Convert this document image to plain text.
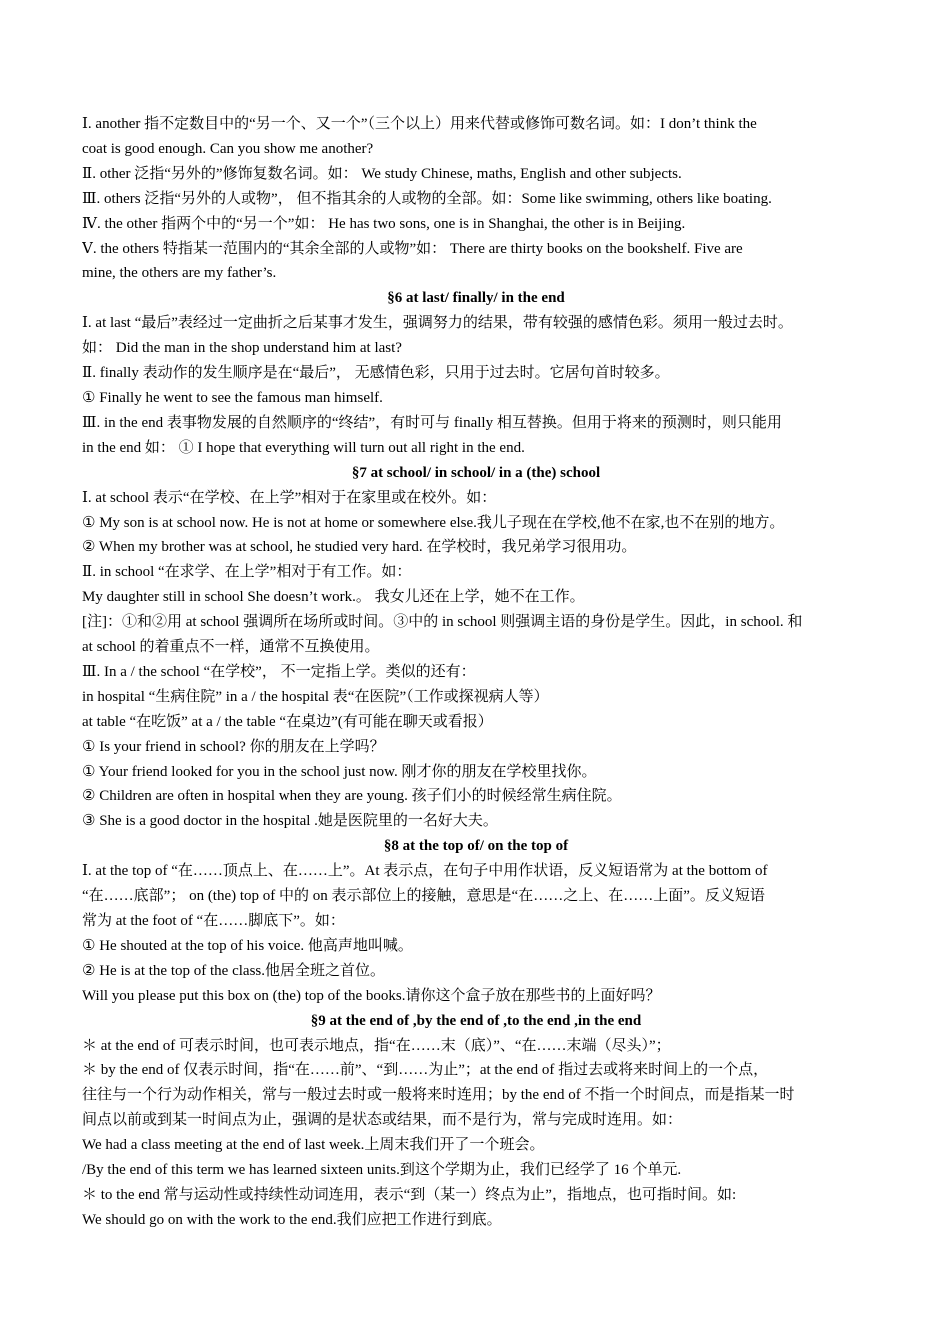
Ⅰ. another 指不定数目中的“另一个、又一个”（三个以上）用来代替或修饰可数名词。如：I don’t think the
coat is good enough. Can you show me another?
Ⅱ. other 泛指“另外的”修饰复数名词。如： We study Chinese, maths, English and other subjects.
Ⅲ. others 泛指“另外的人或物”， 但不指其余的人或物的全部。如：Some like swimming, others like boating.
Ⅳ. the other 指两个中的“另一个”如： He has two sons, one is in Shanghai, the other is in Beijing.
Ⅴ. the others 特指某一范围内的“其余全部的人或物”如： There are thirty books on the bookshelf. Five are
mine, the others are my father’s.
§6 at last/ finally/ in the end
Ⅰ. at last “最后”表经过一定曲折之后某事才发生，强调努力的结果，带有较强的感情色彩。须用一般过去时。
如： Did the man in the shop understand him at last?
Ⅱ. finally 表动作的发生顺序是在“最后”， 无感情色彩，只用于过去时。它居句首时较多。
① Finally he went to see the famous man himself.
Ⅲ. in the end 表事物发展的自然顺序的“终结”，有时可与 finally 相互替换。但用于将来的预测时，则只能用
in the end 如： ① I hope that everything will turn out all right in the end.
§7 at school/ in school/ in a (the) school
Ⅰ. at school 表示“在学校、在上学”相对于在家里或在校外。如：
① My son is at school now. He is not at home or somewhere else.我儿子现在在学校,他不在家,也不在别的地方。
② When my brother was at school, he studied very hard. 在学校时，我兄弟学习很用功。
Ⅱ. in school “在求学、在上学”相对于有工作。如：
My daughter still in school She doesn’t work.。 我女儿还在上学，她不在工作。
[注]：①和②用 at school 强调所在场所或时间。③中的 in school 则强调主语的身份是学生。因此，in school. 和
at school 的着重点不一样，通常不互换使用。
Ⅲ. In a / the school “在学校”， 不一定指上学。类似的还有：
in hospital “生病住院” in a / the hospital 表“在医院”（工作或探视病人等）
at table “在吃饭” at a / the table “在桌边”(有可能在聊天或看报）
① Is your friend in school? 你的朋友在上学吗？
① Your friend looked for you in the school just now. 刚才你的朋友在学校里找你。
② Children are often in hospital when they are young. 孩子们小的时候经常生病住院。
③ She is a good doctor in the hospital .她是医院里的一名好大夫。
§8 at the top of/ on the top of
Ⅰ. at the top of “在……顶点上、在……上”。At 表示点，在句子中用作状语，反义短语常为 at the bottom of
“在……底部”； on (the) top of 中的 on 表示部位上的接触，意思是“在……之上、在……上面”。反义短语
常为 at the foot of “在……脚底下”。如：
① He shouted at the top of his voice. 他高声地叫喊。
② He is at the top of the class.他居全班之首位。
Will you please put this box on (the) top of the books.请你这个盒子放在那些书的上面好吗？
§9 at the end of ,by the end of ,to the end ,in the end
＊ at the end of 可表示时间，也可表示地点，指“在……末（底）”、“在……末端（尽头）”；
＊ by the end of 仅表示时间，指“在……前”、“到……为止”；at the end of 指过去或将来时间上的一个点，
往往与一个行为动作相关，常与一般过去时或一般将来时连用；by the end of 不指一个时间点，而是指某一时
间点以前或到某一时间点为止，强调的是状态或结果，而不是行为，常与完成时连用。如：
We had a class meeting at the end of last week.上周末我们开了一个班会。
/By the end of this term we has learned sixteen units.到这个学期为止，我们已经学了 16 个单元.
＊ to the end 常与运动性或持续性动词连用，表示“到（某一）终点为止”，指地点，也可指时间。如:
We should go on with the work to the end.我们应把工作进行到底。
